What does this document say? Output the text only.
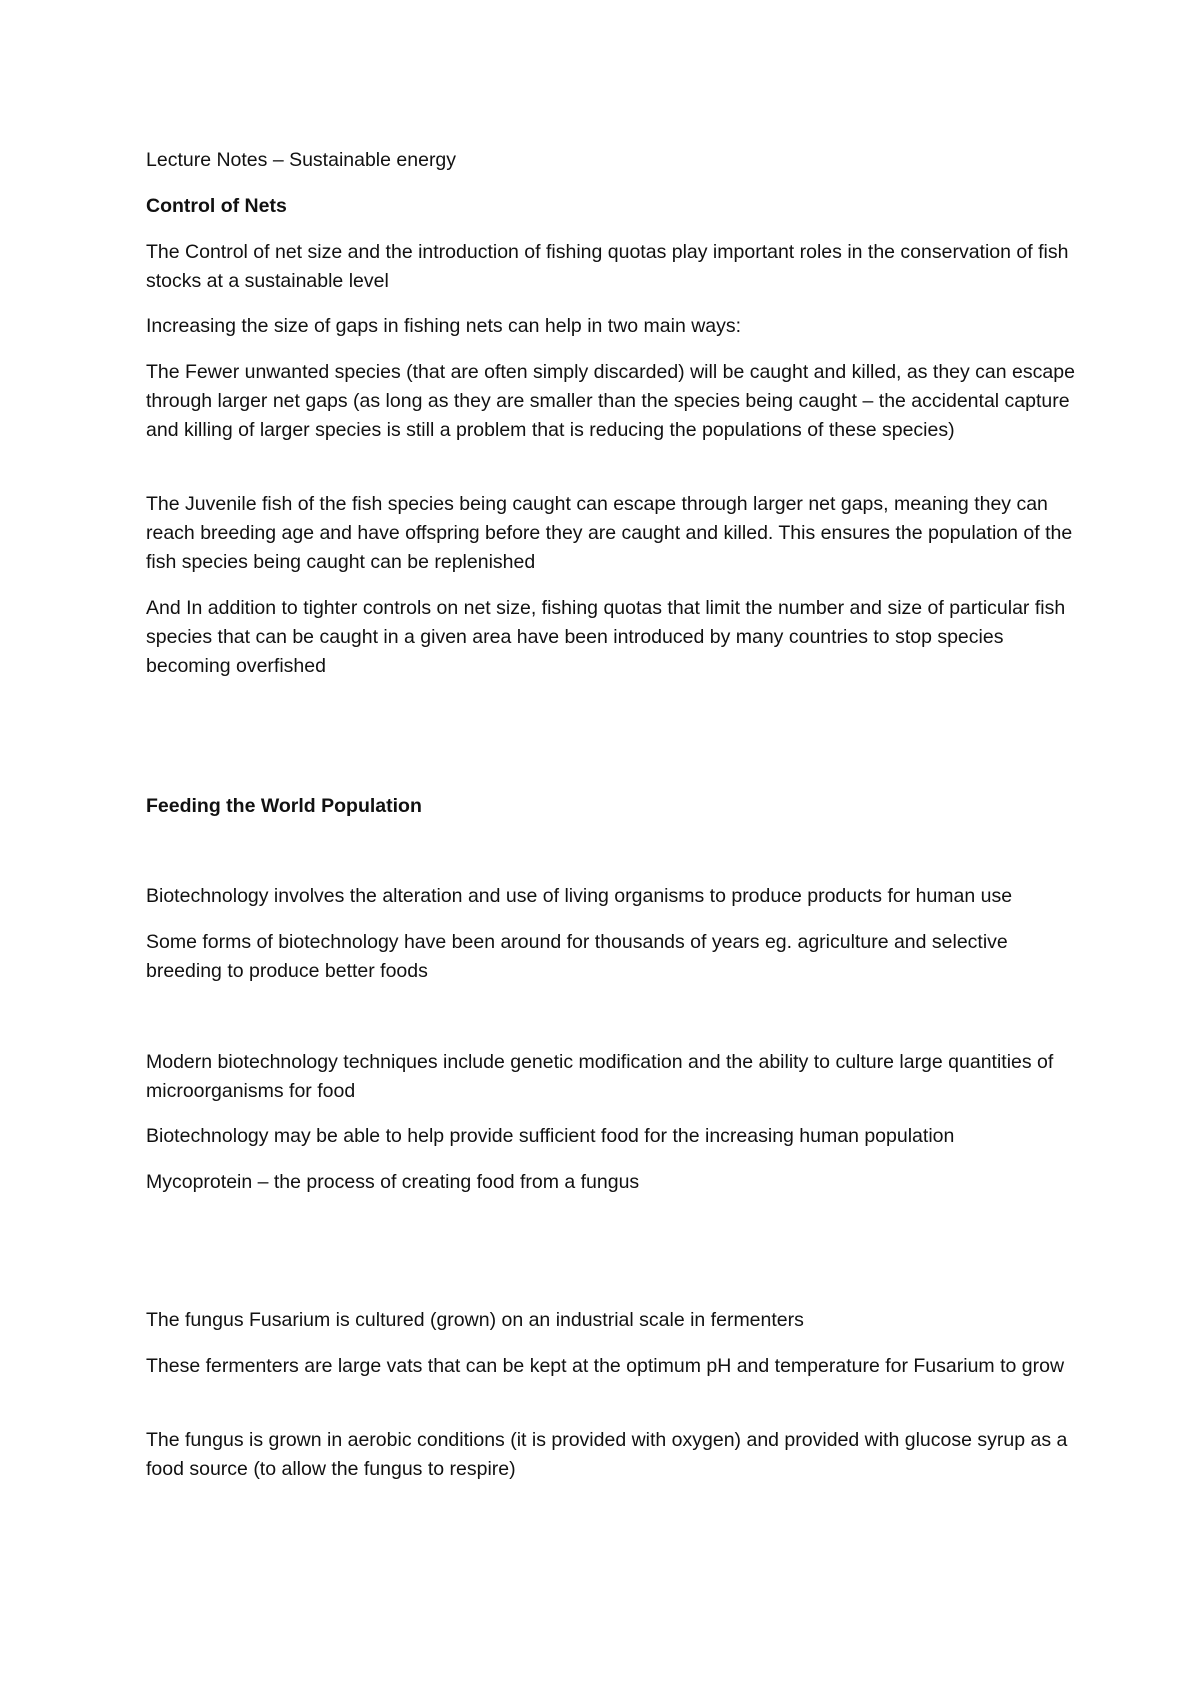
Lecture Notes – Sustainable energy

Control of Nets

The Control of net size and the introduction of fishing quotas play important roles in the conservation of fish stocks at a sustainable level

Increasing the size of gaps in fishing nets can help in two main ways:

The Fewer unwanted species (that are often simply discarded) will be caught and killed, as they can escape through larger net gaps (as long as they are smaller than the species being caught – the accidental capture and killing of larger species is still a problem that is reducing the populations of these species)

The Juvenile fish of the fish species being caught can escape through larger net gaps, meaning they can reach breeding age and have offspring before they are caught and killed. This ensures the population of the fish species being caught can be replenished

And In addition to tighter controls on net size, fishing quotas that limit the number and size of particular fish species that can be caught in a given area have been introduced by many countries to stop species becoming overfished

Feeding the World Population

Biotechnology involves the alteration and use of living organisms to produce products for human use

Some forms of biotechnology have been around for thousands of years eg. agriculture and selective breeding to produce better foods

Modern biotechnology techniques include genetic modification and the ability to culture large quantities of microorganisms for food

Biotechnology may be able to help provide sufficient food for the increasing human population

Mycoprotein – the process of creating food from a fungus

The fungus Fusarium is cultured (grown) on an industrial scale in fermenters

These fermenters are large vats that can be kept at the optimum pH and temperature for Fusarium to grow

The fungus is grown in aerobic conditions (it is provided with oxygen) and provided with glucose syrup as a food source (to allow the fungus to respire)
